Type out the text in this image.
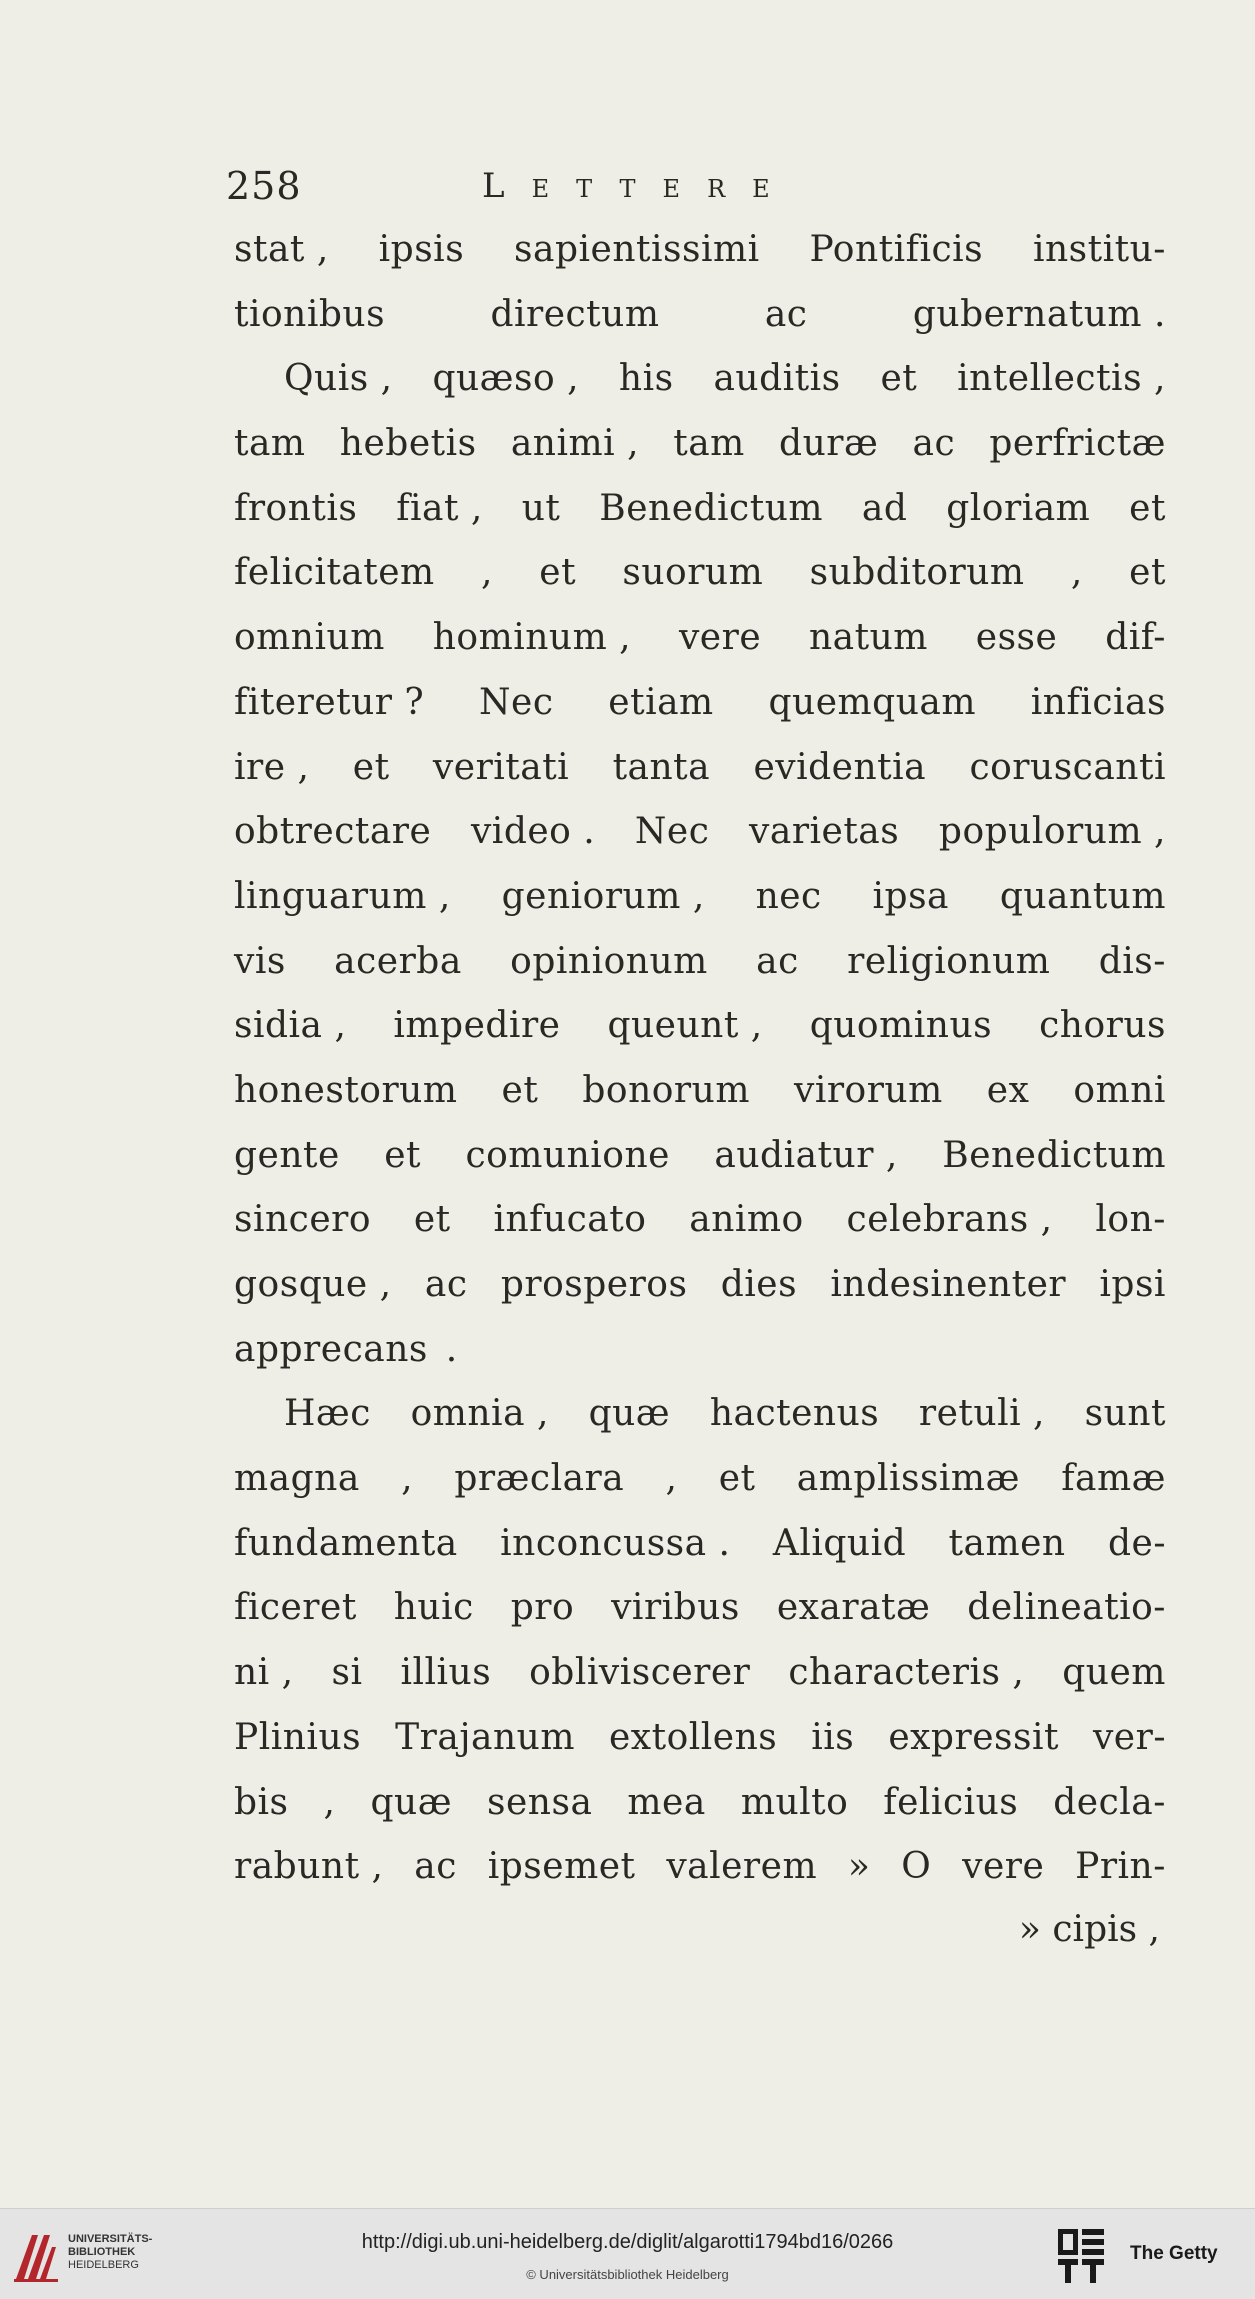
258	Lettere
stat , ipsis sapientissimi Pontificis institu-
tionibus	directum	ac	gubernatum .
Quis , quæso , his auditis et intellectis ,
tam hebetis animi , tam duræ ac perfrictæ
frontis fiat , ut Benedictum ad gloriam et
felicitatem , et suorum subditorum , et
omnium hominum , vere natum esse dif-
fiteretur ? Nec etiam quemquam inficias
ire , et veritati tanta evidentia coruscanti
obtrectare video . Nec varietas populorum ,
linguarum , geniorum , nec ipsa quantum
vis acerba opinionum ac religionum dis-
sidia , impedire queunt , quominus chorus
honestorum et bonorum virorum ex omni
gente et comunione audiatur , Benedictum
sincero et infucato animo celebrans , lon-
gosque , ac prosperos dies indesinenter ipsi
apprecans .
Hæc omnia , quæ hactenus retuli , sunt
magna , præclara , et amplissimæ famæ
fundamenta inconcussa . Aliquid tamen de-
ficeret huic pro viribus exaratæ delineatio-
ni , si illius obliviscerer characteris , quem
Plinius Trajanum extollens iis expressit ver-
bis , quæ sensa mea multo felicius decla-
rabunt , ac ipsemet valerem » O vere Prin-
» cipis ,
UNIVERSITÄTS-
BIBLIOTHEK
HEIDELBERG
http://digi.ub.uni-heidelberg.de/diglit/algarotti1794bd16/0266
© Universitätsbibliothek Heidelberg
The Getty
